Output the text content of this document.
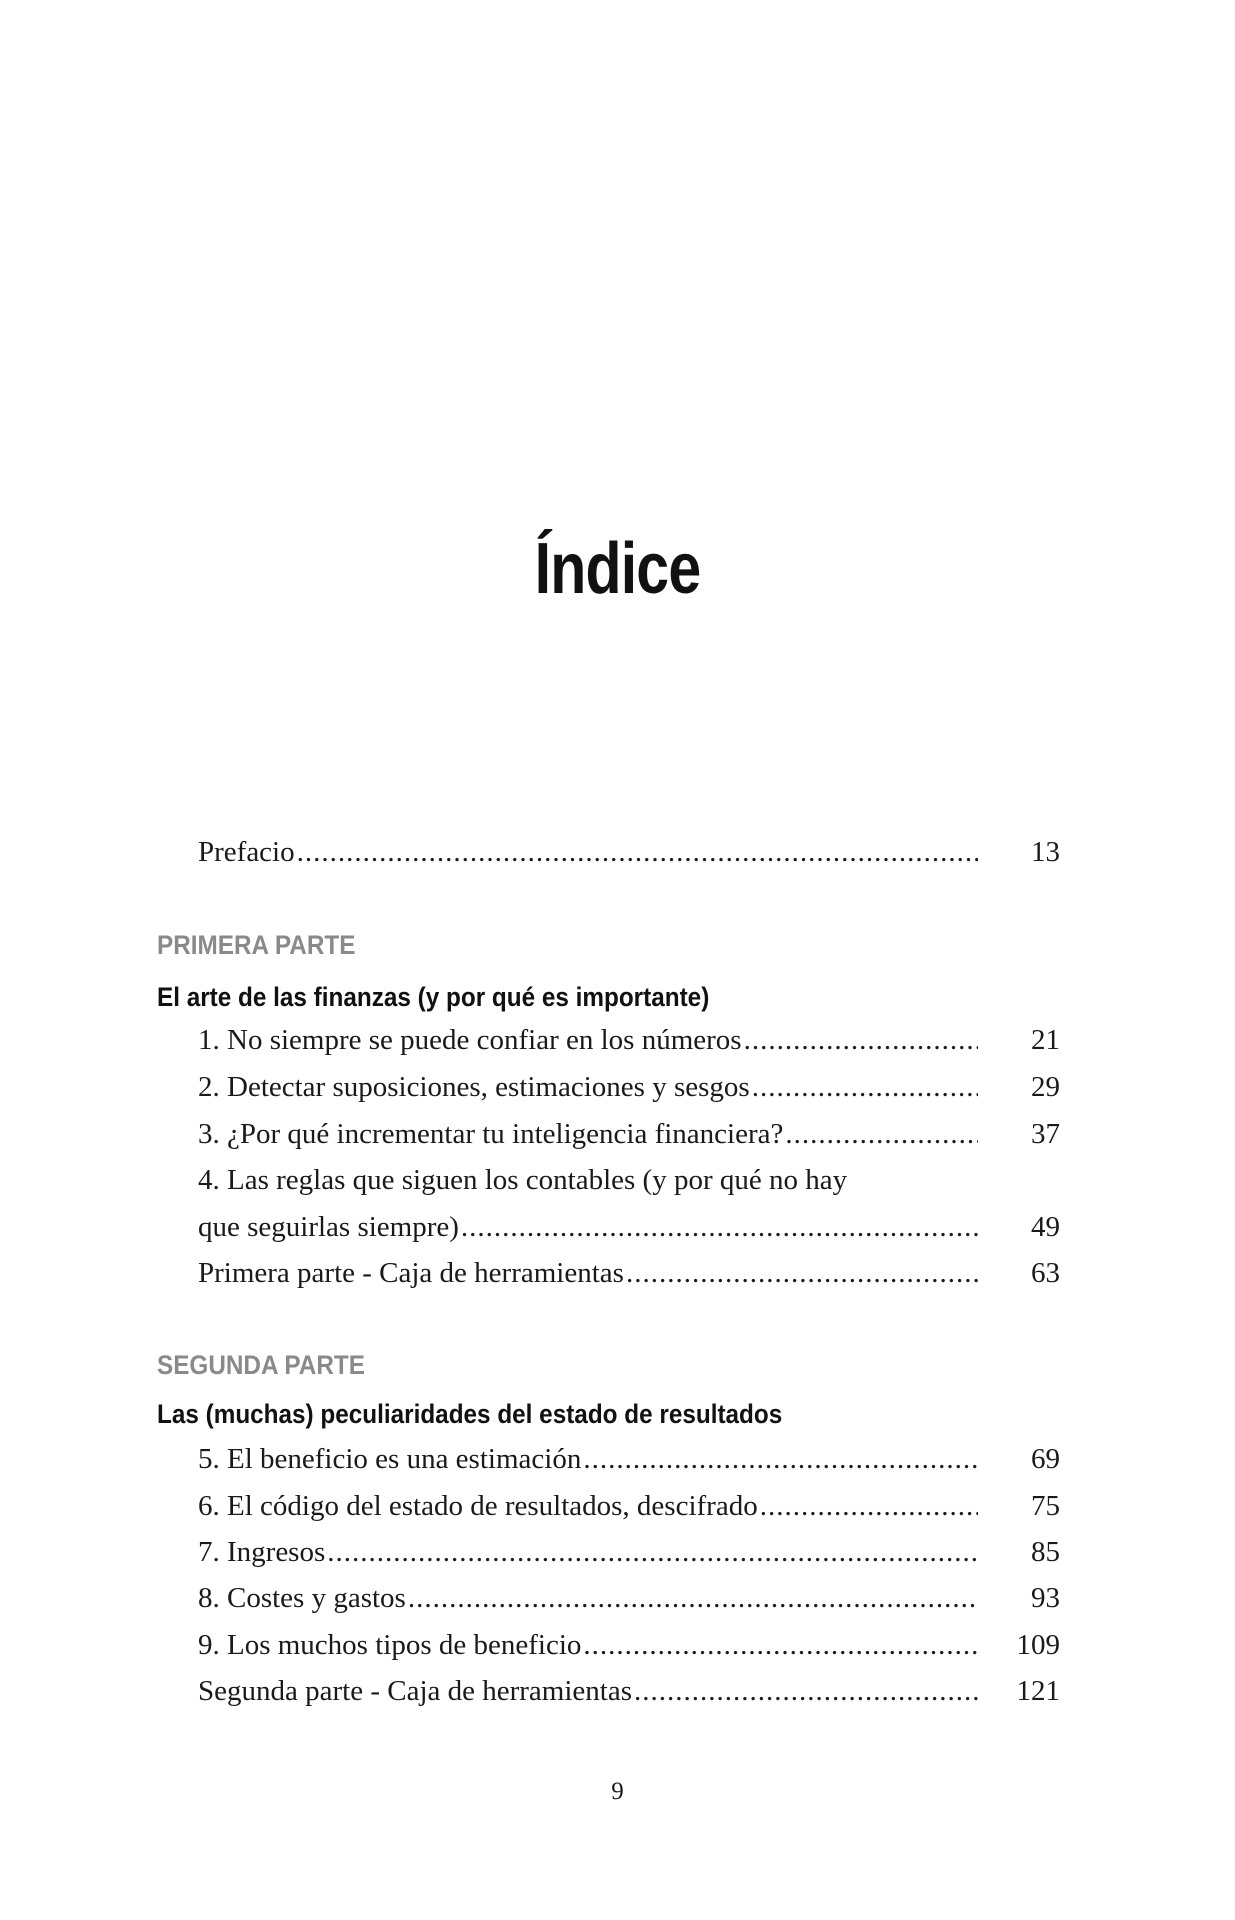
Índice
Prefacio .....	13
PRIMERA PARTE
El arte de las finanzas (y por qué es importante)
1. No siempre se puede confiar en los números .....	21
2. Detectar suposiciones, estimaciones y sesgos .....	29
3. ¿Por qué incrementar tu inteligencia financiera? .....	37
4. Las reglas que siguen los contables (y por qué no hay
que seguirlas siempre) .....	49
Primera parte - Caja de herramientas .....	63
SEGUNDA PARTE
Las (muchas) peculiaridades del estado de resultados
5. El beneficio es una estimación .....	69
6. El código del estado de resultados, descifrado .....	75
7. Ingresos .....	85
8. Costes y gastos .....	93
9. Los muchos tipos de beneficio .....	109
Segunda parte - Caja de herramientas .....	121
9
